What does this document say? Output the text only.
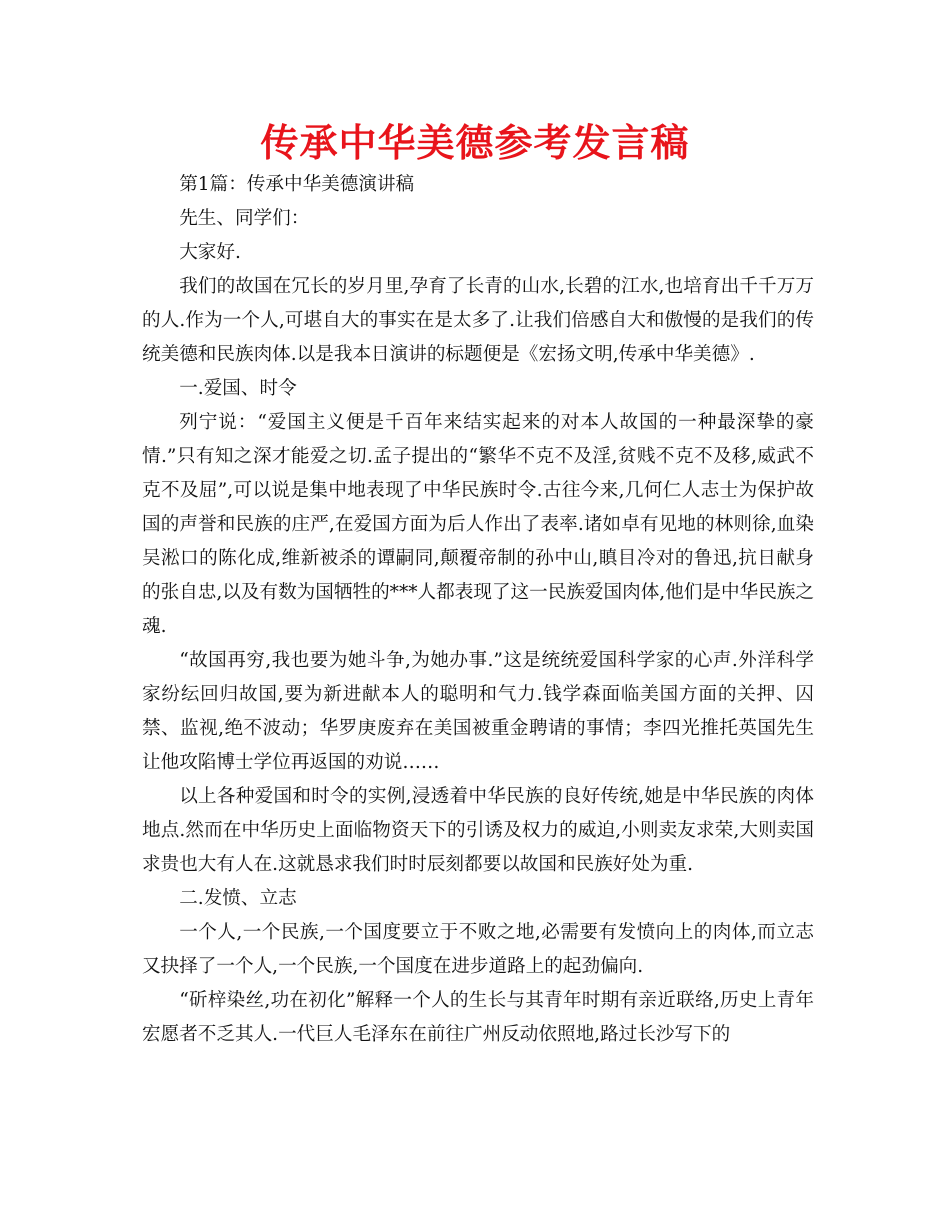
传承中华美德参考发言稿

第1篇：传承中华美德演讲稿

先生、同学们：

大家好.

我们的故国在冗长的岁月里,孕育了长青的山水,长碧的江水,也培育出千千万万的人.作为一个人,可堪自大的事实在是太多了.让我们倍感自大和傲慢的是我们的传统美德和民族肉体.以是我本日演讲的标题便是《宏扬文明,传承中华美德》.

一.爱国、时令

列宁说：“爱国主义便是千百年来结实起来的对本人故国的一种最深挚的豪情.”只有知之深才能爱之切.孟子提出的“繁华不克不及淫,贫贱不克不及移,威武不克不及屈”,可以说是集中地表现了中华民族时令.古往今来,几何仁人志士为保护故国的声誉和民族的庄严,在爱国方面为后人作出了表率.诸如卓有见地的林则徐,血染吴淞口的陈化成,维新被杀的谭嗣同,颠覆帝制的孙中山,瞋目冷对的鲁迅,抗日献身的张自忠,以及有数为国牺牲的***人都表现了这一民族爱国肉体,他们是中华民族之魂.

“故国再穷,我也要为她斗争,为她办事.”这是统统爱国科学家的心声.外洋科学家纷纭回归故国,要为新进献本人的聪明和气力.钱学森面临美国方面的关押、囚禁、监视,绝不波动；华罗庚废弃在美国被重金聘请的事情；李四光推托英国先生让他攻陷博士学位再返国的劝说……

以上各种爱国和时令的实例,浸透着中华民族的良好传统,她是中华民族的肉体地点.然而在中华历史上面临物资天下的引诱及权力的威迫,小则卖友求荣,大则卖国求贵也大有人在.这就恳求我们时时辰刻都要以故国和民族好处为重.

二.发愤、立志

一个人,一个民族,一个国度要立于不败之地,必需要有发愤向上的肉体,而立志又抉择了一个人,一个民族,一个国度在进步道路上的起劲偏向.

“斫梓染丝,功在初化”解释一个人的生长与其青年时期有亲近联络,历史上青年宏愿者不乏其人.一代巨人毛泽东在前往广州反动依照地,路过长沙写下的
